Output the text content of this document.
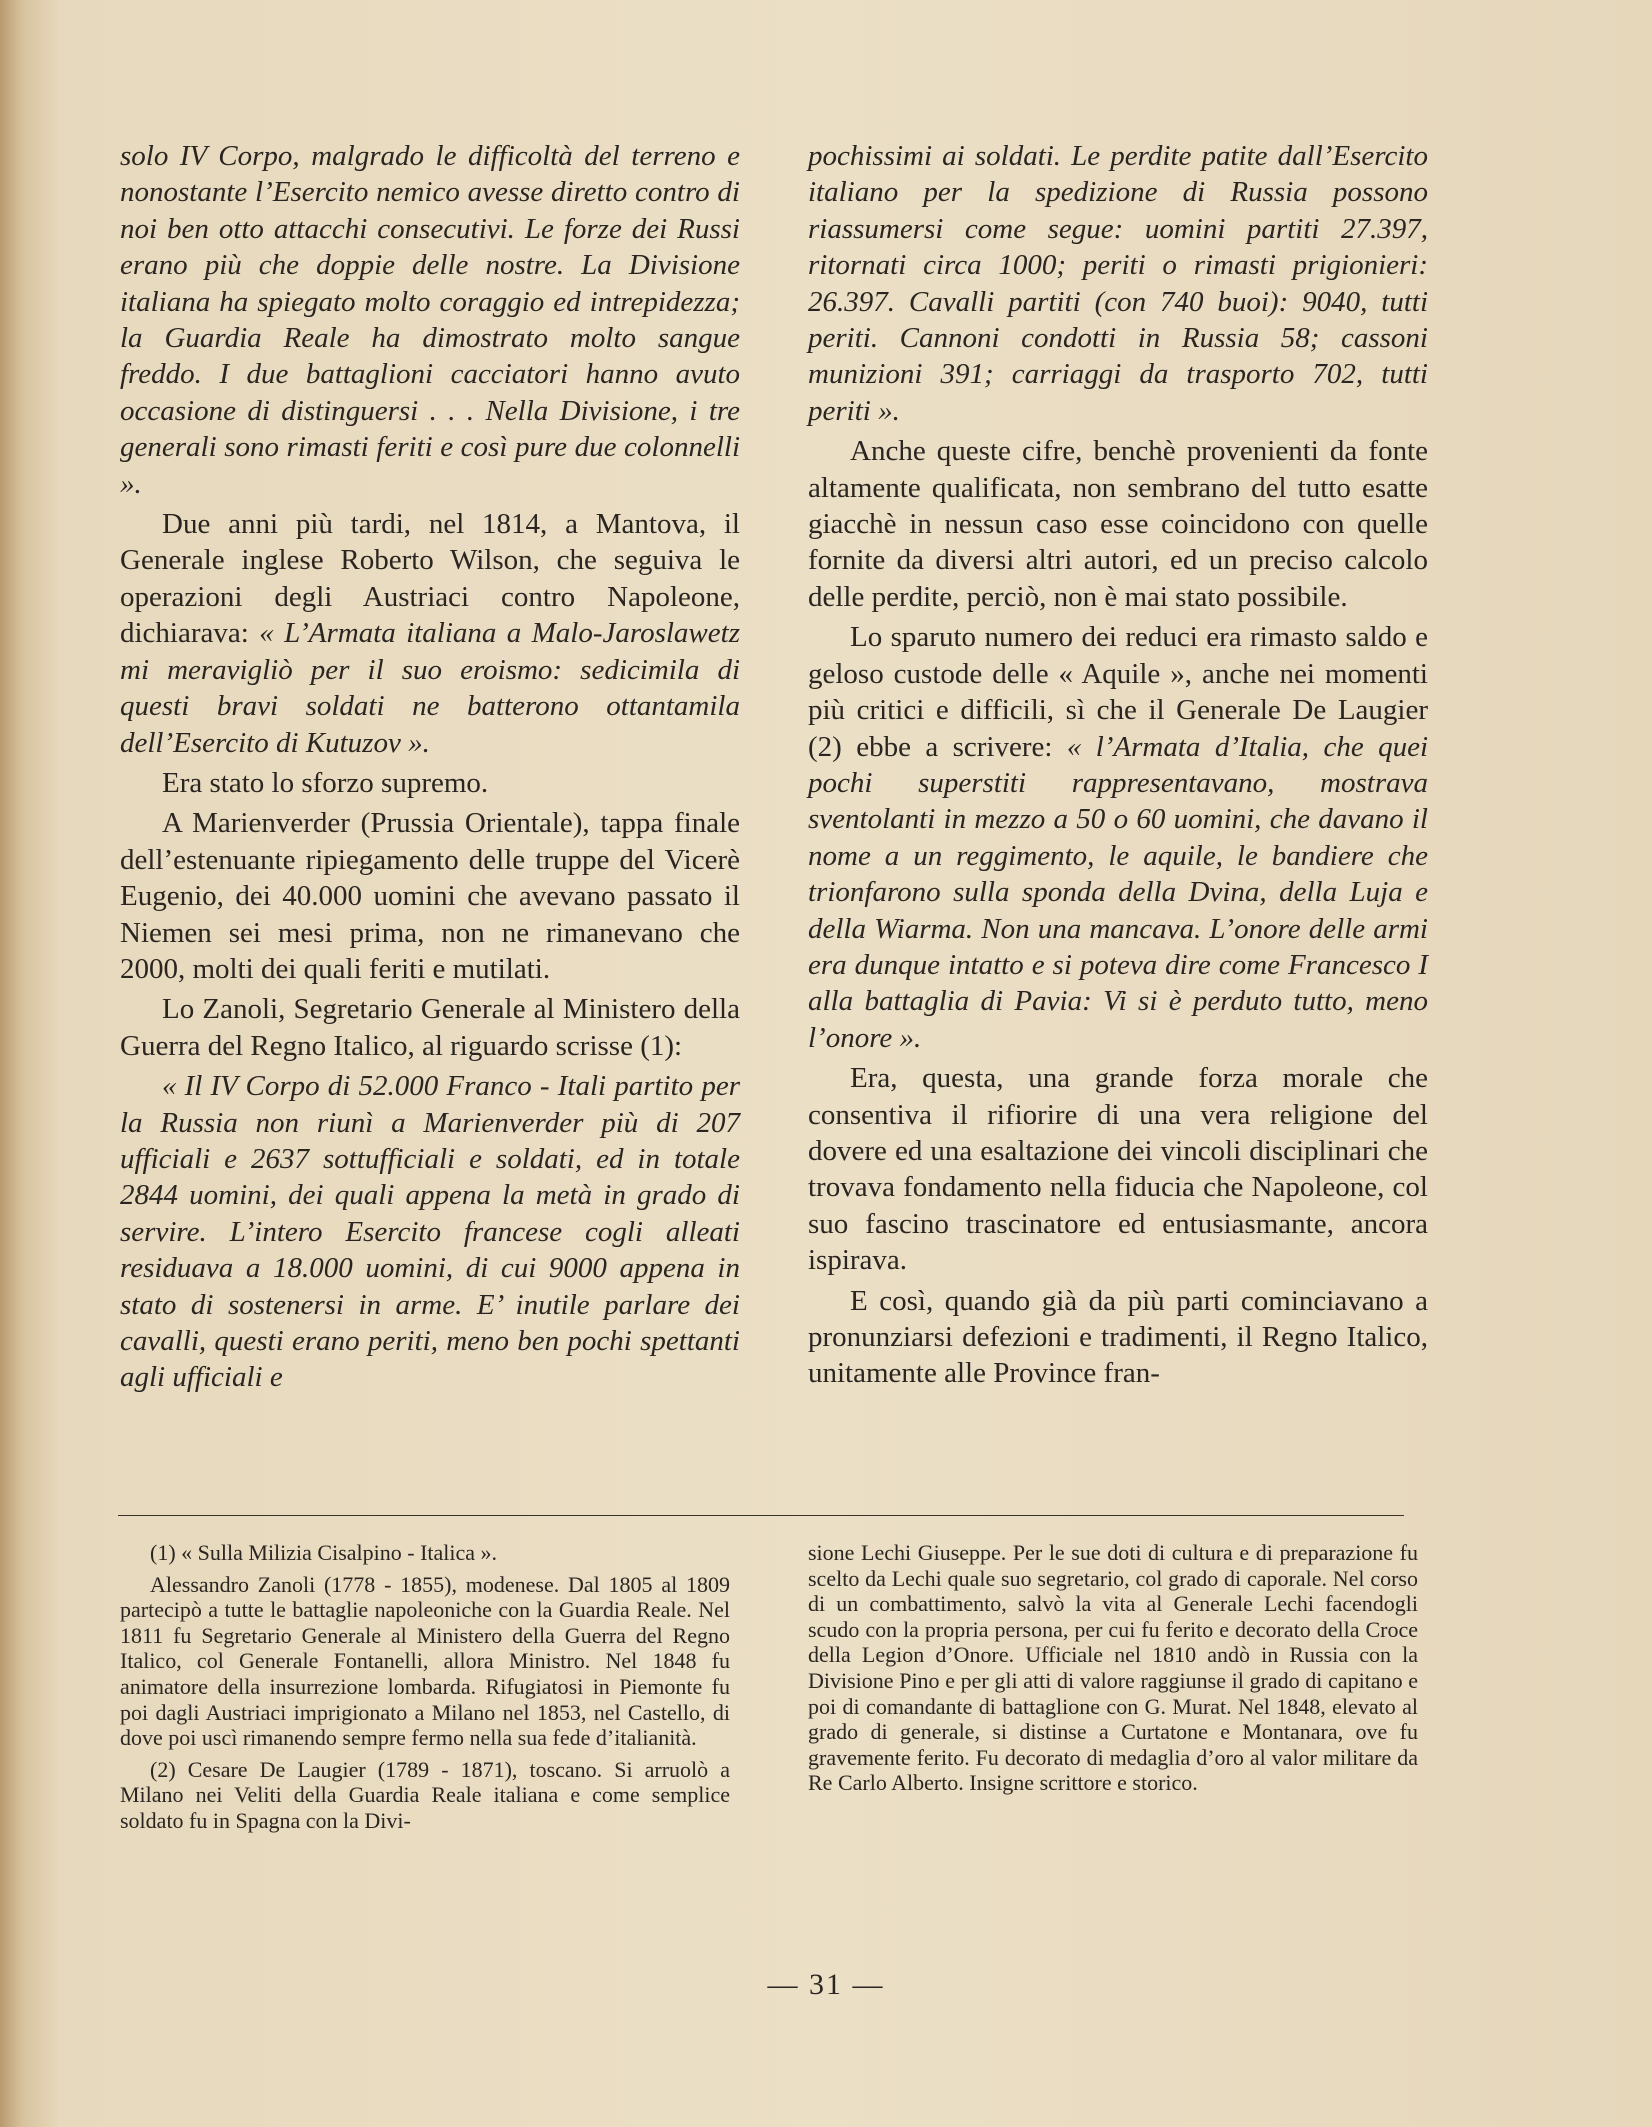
solo IV Corpo, malgrado le difficoltà del terreno e nonostante l’Esercito nemico avesse diretto contro di noi ben otto attacchi consecutivi. Le forze dei Russi erano più che doppie delle nostre. La Divisione italiana ha spiegato molto coraggio ed intrepidezza; la Guardia Reale ha dimostrato molto sangue freddo. I due battaglioni cacciatori hanno avuto occasione di distinguersi . . . Nella Divisione, i tre generali sono rimasti feriti e così pure due colonnelli ».

Due anni più tardi, nel 1814, a Mantova, il Generale inglese Roberto Wilson, che seguiva le operazioni degli Austriaci contro Napoleone, dichiarava: « L’Armata italiana a Malo-Jaroslawetz mi meravigliò per il suo eroismo: sedicimila di questi bravi soldati ne batterono ottantamila dell’Esercito di Kutuzov ».

Era stato lo sforzo supremo.

A Marienverder (Prussia Orientale), tappa finale dell’estenuante ripiegamento delle truppe del Vicerè Eugenio, dei 40.000 uomini che avevano passato il Niemen sei mesi prima, non ne rimanevano che 2000, molti dei quali feriti e mutilati.

Lo Zanoli, Segretario Generale al Ministero della Guerra del Regno Italico, al riguardo scrisse (1):

« Il IV Corpo di 52.000 Franco - Itali partito per la Russia non riunì a Marienverder più di 207 ufficiali e 2637 sottufficiali e soldati, ed in totale 2844 uomini, dei quali appena la metà in grado di servire. L’intero Esercito francese cogli alleati residuava a 18.000 uomini, di cui 9000 appena in stato di sostenersi in arme. E’ inutile parlare dei cavalli, questi erano periti, meno ben pochi spettanti agli ufficiali e

pochissimi ai soldati. Le perdite patite dall’Esercito italiano per la spedizione di Russia possono riassumersi come segue: uomini partiti 27.397, ritornati circa 1000; periti o rimasti prigionieri: 26.397. Cavalli partiti (con 740 buoi): 9040, tutti periti. Cannoni condotti in Russia 58; cassoni munizioni 391; carriaggi da trasporto 702, tutti periti ».

Anche queste cifre, benchè provenienti da fonte altamente qualificata, non sembrano del tutto esatte giacchè in nessun caso esse coincidono con quelle fornite da diversi altri autori, ed un preciso calcolo delle perdite, perciò, non è mai stato possibile.

Lo sparuto numero dei reduci era rimasto saldo e geloso custode delle « Aquile », anche nei momenti più critici e difficili, sì che il Generale De Laugier (2) ebbe a scrivere: « l’Armata d’Italia, che quei pochi superstiti rappresentavano, mostrava sventolanti in mezzo a 50 o 60 uomini, che davano il nome a un reggimento, le aquile, le bandiere che trionfarono sulla sponda della Dvina, della Luja e della Wiarma. Non una mancava. L’onore delle armi era dunque intatto e si poteva dire come Francesco I alla battaglia di Pavia: Vi si è perduto tutto, meno l’onore ».

Era, questa, una grande forza morale che consentiva il rifiorire di una vera religione del dovere ed una esaltazione dei vincoli disciplinari che trovava fondamento nella fiducia che Napoleone, col suo fascino trascinatore ed entusiasmante, ancora ispirava.

E così, quando già da più parti cominciavano a pronunziarsi defezioni e tradimenti, il Regno Italico, unitamente alle Province fran-

(1) « Sulla Milizia Cisalpino - Italica ».

Alessandro Zanoli (1778 - 1855), modenese. Dal 1805 al 1809 partecipò a tutte le battaglie napoleoniche con la Guardia Reale. Nel 1811 fu Segretario Generale al Ministero della Guerra del Regno Italico, col Generale Fontanelli, allora Ministro. Nel 1848 fu animatore della insurrezione lombarda. Rifugiatosi in Piemonte fu poi dagli Austriaci imprigionato a Milano nel 1853, nel Castello, di dove poi uscì rimanendo sempre fermo nella sua fede d’italianità.

(2) Cesare De Laugier (1789 - 1871), toscano. Si arruolò a Milano nei Veliti della Guardia Reale italiana e come semplice soldato fu in Spagna con la Divi-

sione Lechi Giuseppe. Per le sue doti di cultura e di preparazione fu scelto da Lechi quale suo segretario, col grado di caporale. Nel corso di un combattimento, salvò la vita al Generale Lechi facendogli scudo con la propria persona, per cui fu ferito e decorato della Croce della Legion d’Onore. Ufficiale nel 1810 andò in Russia con la Divisione Pino e per gli atti di valore raggiunse il grado di capitano e poi di comandante di battaglione con G. Murat. Nel 1848, elevato al grado di generale, si distinse a Curtatone e Montanara, ove fu gravemente ferito. Fu decorato di medaglia d’oro al valor militare da Re Carlo Alberto. Insigne scrittore e storico.

— 31 —
